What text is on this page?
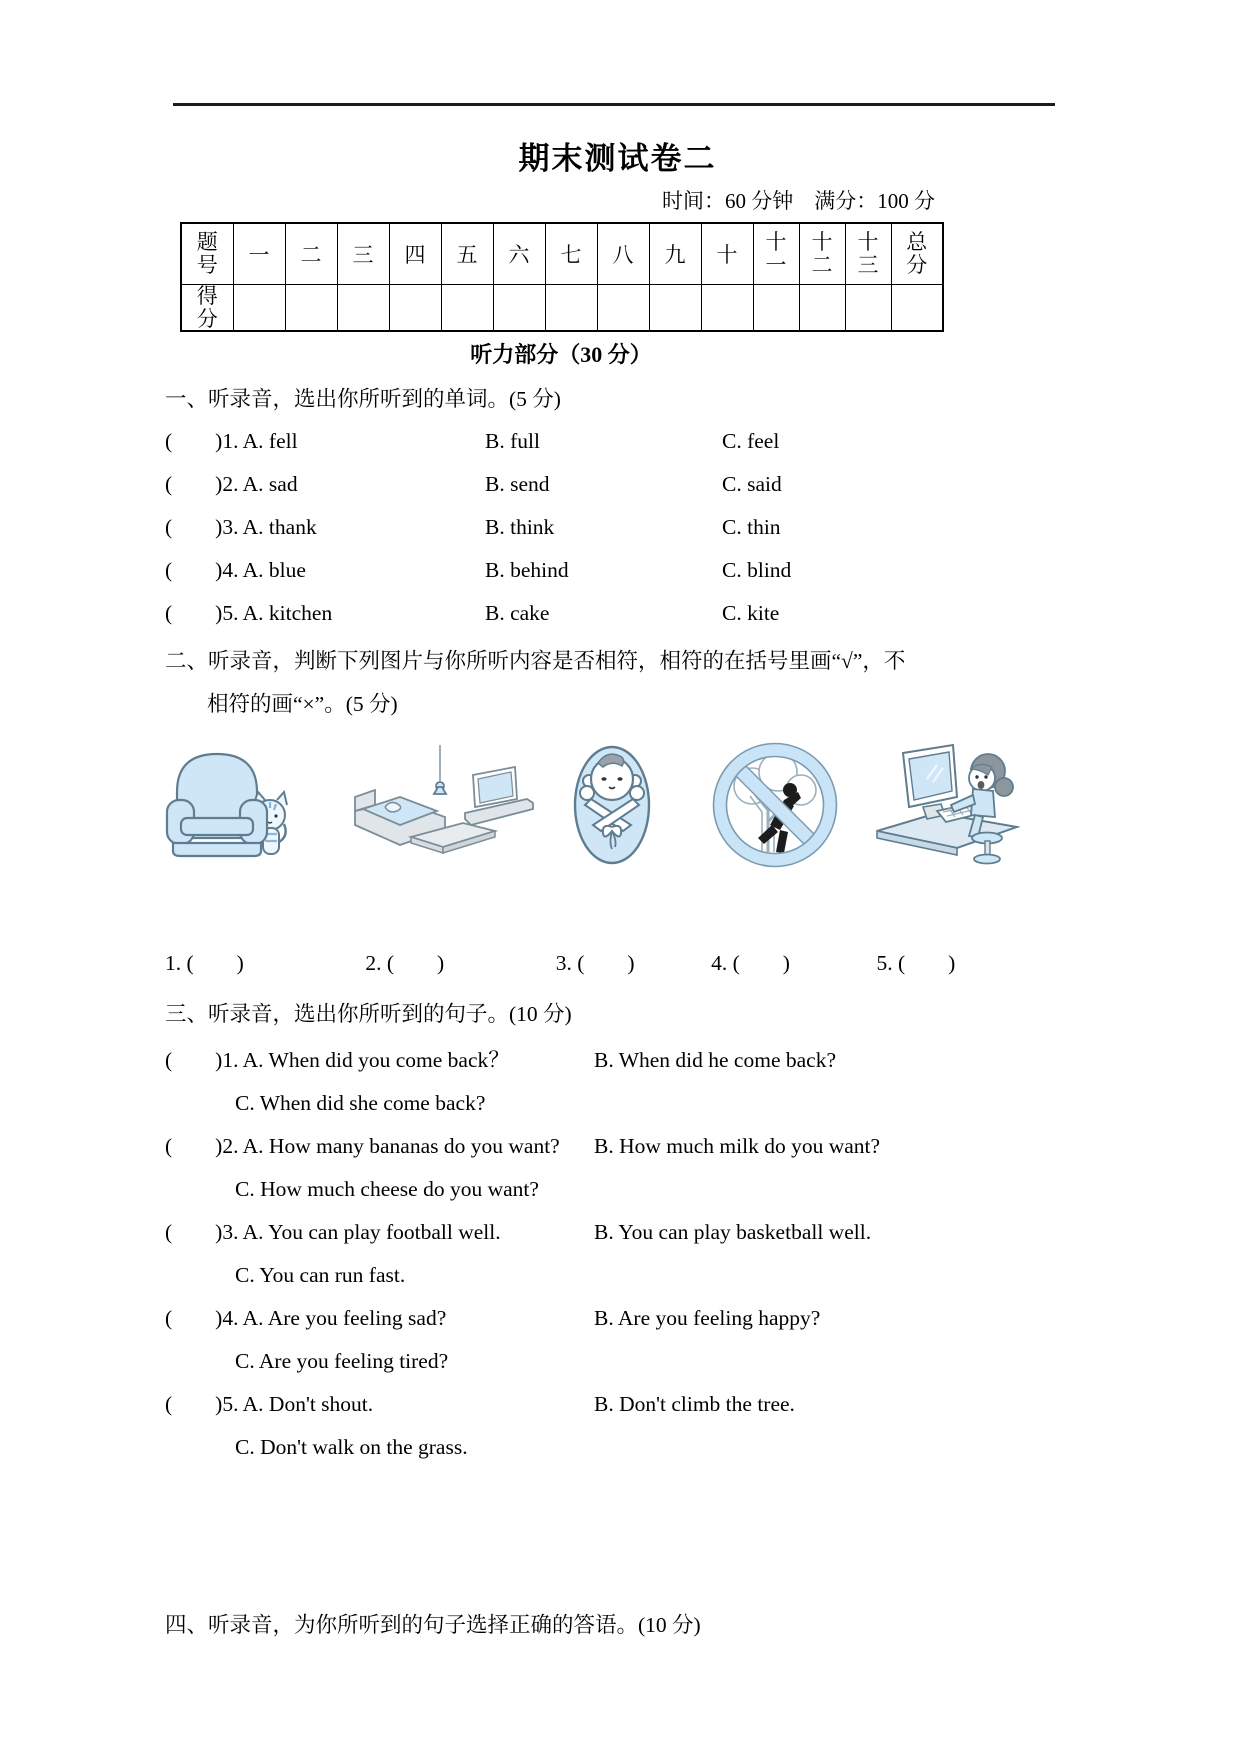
期末测试卷二
时间：60 分钟　满分：100 分
题号	一	二	三	四	五	六	七	八	九	十	十一	十二	十三	总分
得分														
听力部分（30 分）
一、听录音，选出你所听到的单词。(5 分)
(　　)1. A. fell	B. full	C. feel
(　　)2. A. sad	B. send	C. said
(　　)3. A. thank	B. think	C. thin
(　　)4. A. blue	B. behind	C. blind
(　　)5. A. kitchen	B. cake	C. kite
二、听录音，判断下列图片与你所听内容是否相符，相符的在括号里画“√”，不
相符的画“×”。(5 分)
1. (　　)	2. (　　)	3. (　　)	4. (　　)	5. (　　)
三、听录音，选出你所听到的句子。(10 分)
(　　)1. A. When did you come back？	B. When did he come back?
C. When did she come back?
(　　)2. A. How many bananas do you want?	B. How much milk do you want?
C. How much cheese do you want?
(　　)3. A. You can play football well.	B. You can play basketball well.
C. You can run fast.
(　　)4. A. Are you feeling sad?	B. Are you feeling happy?
C. Are you feeling tired?
(　　)5. A. Don't shout.	B. Don't climb the tree.
C. Don't walk on the grass.
四、听录音，为你所听到的句子选择正确的答语。(10 分)
